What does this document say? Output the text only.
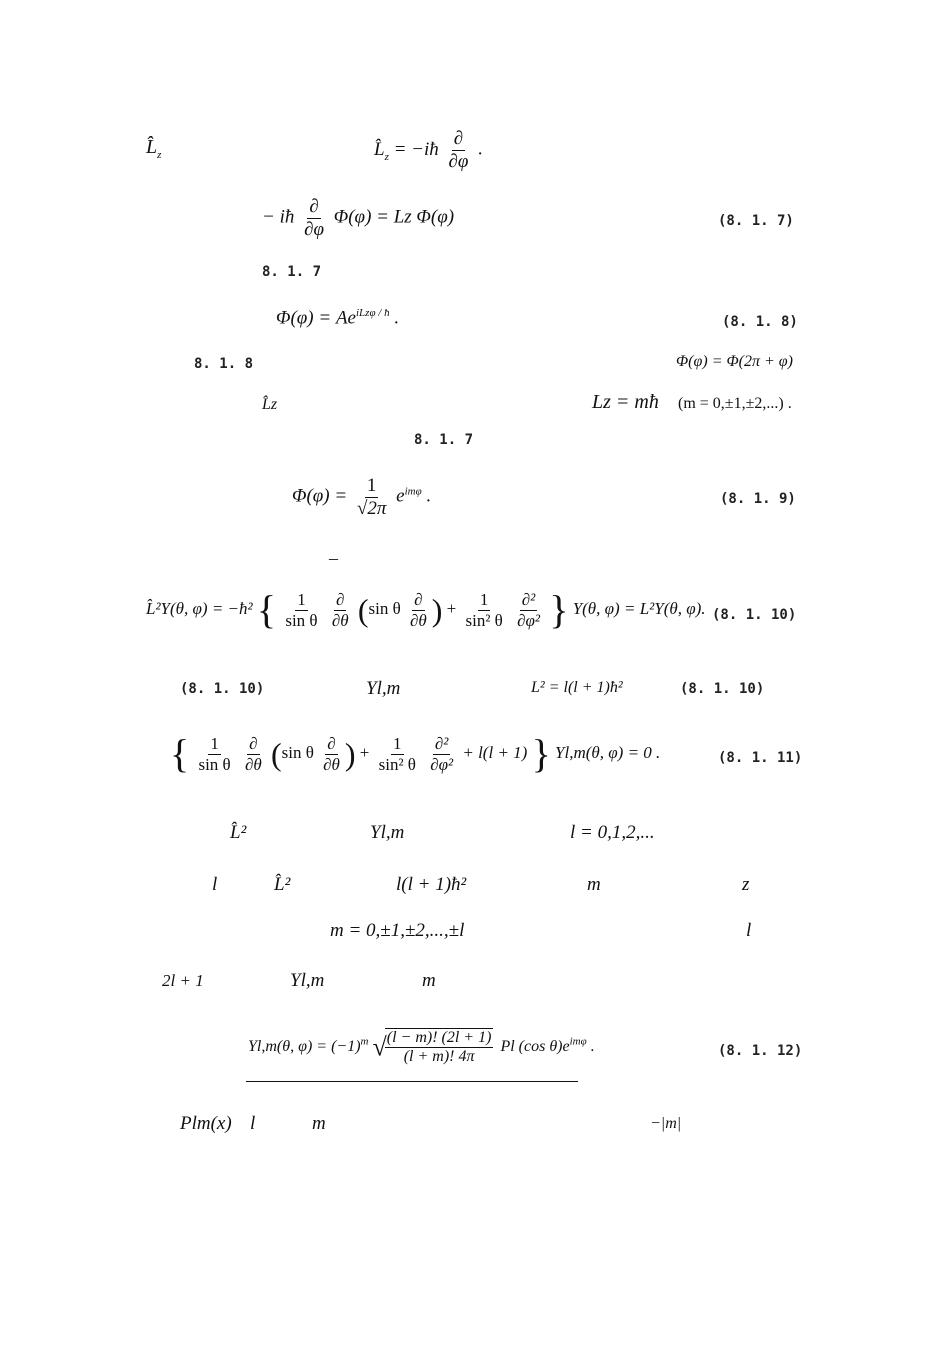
$L̂_z$	$L̂_z$ = −iħ $\frac{\partial}{\partial\varphi}$ .
− iħ $\frac{\partial}{\partial\varphi} \Phi(\varphi) = Lz$ Φ(φ)	(8. 1. 7)
8. 1. 7
$\Phi(\varphi) = Ae^{iLz\varphi / ħ}$ .	(8. 1. 8)
8. 1. 8	Φ(φ) = Φ(2π + φ)
L̂z	Lz = mħ (m = 0,±1,±2,...) .
8. 1. 7
$\Phi(\varphi) = \frac{1}{√2\pi} e^{im\varphi}$ .	(8. 1. 9)
–
L̂²Y(θ, φ) = −ħ² { $\frac{1}{\text{sin θ}}$
$\frac{\partial}{\partial\theta} (\sin$ θ $\frac{\partial}{\partial\theta}$ ) + $\frac{1}{\text{sin² θ}}$
$\frac{\text{∂²}}{\text{∂φ²}}$ } Y(θ, φ) = L²Y(θ, φ). (8. 1. 10)
(8. 1. 10)	Yl,m	L² = l(l + 1)ħ²	(8. 1. 10)
{ $\frac{1}{\text{sin θ}}$
$\frac{\partial}{\partial\theta} (\sin$ θ $\frac{\partial}{\partial\theta}$ ) + $\frac{1}{\text{sin² θ}}$
$\frac{\text{∂²}}{\text{∂φ²}} + l(l + 1)$ } Yl,m(θ, φ) = 0 .	(8. 1. 11)
L̂²	Yl,m	l = 0,1,2,...
l	L̂²	l(l + 1)ħ²	m	z
m = 0,±1,±2,...,±l	l
2l + 1	Yl,m	m
Yl,m(θ, $\varphi) = (-1)^m$ √
$\frac{(l - m)! (2l + 1)}{(l + m)! 4\pi}$ Pl (cos $\theta)e^{im\varphi}$ .	(8. 1. 12)
Plm(x) l	m	−|m|
